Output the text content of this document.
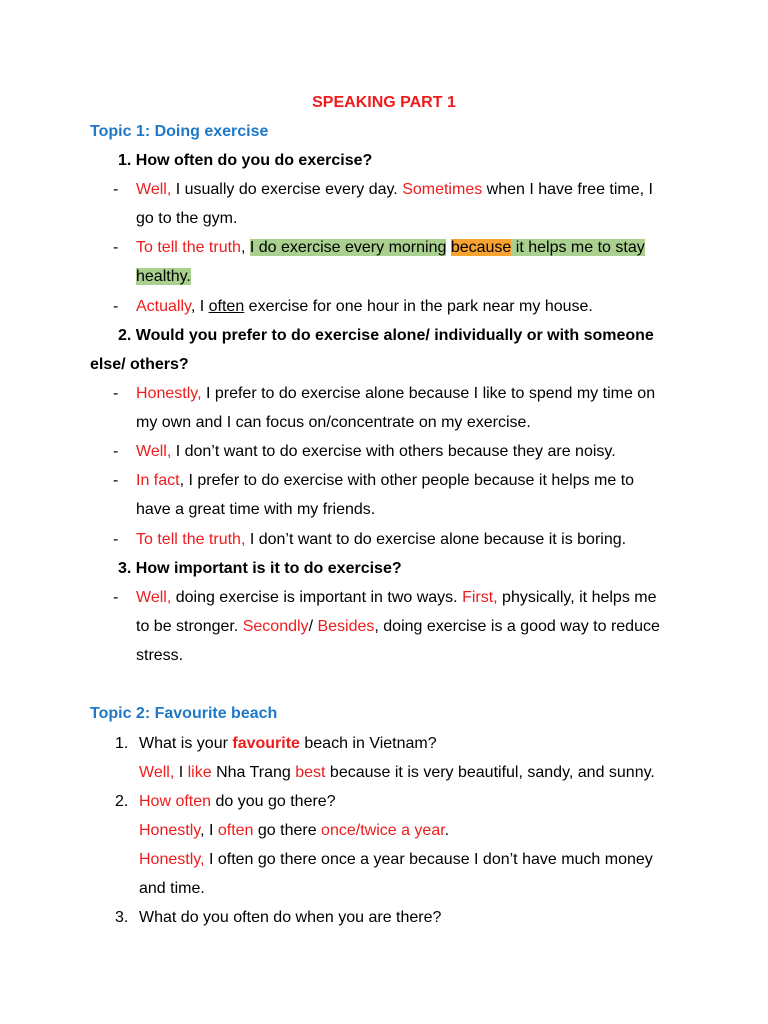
SPEAKING PART 1
Topic 1: Doing exercise
1. How often do you do exercise?
- Well, I usually do exercise every day. Sometimes when I have free time, I
go to the gym.
- To tell the truth, I do exercise every morning because it helps me to stay
healthy.
- Actually, I often exercise for one hour in the park near my house.
2. Would you prefer to do exercise alone/ individually or with someone
else/ others?
- Honestly, I prefer to do exercise alone because I like to spend my time on
my own and I can focus on/concentrate on my exercise.
- Well, I don’t want to do exercise with others because they are noisy.
- In fact, I prefer to do exercise with other people because it helps me to
have a great time with my friends.
- To tell the truth, I don’t want to do exercise alone because it is boring.
3. How important is it to do exercise?
- Well, doing exercise is important in two ways. First, physically, it helps me
to be stronger. Secondly/ Besides, doing exercise is a good way to reduce
stress.
Topic 2: Favourite beach
1. What is your favourite beach in Vietnam?
Well, I like Nha Trang best because it is very beautiful, sandy, and sunny.
2. How often do you go there?
Honestly, I often go there once/twice a year.
Honestly, I often go there once a year because I don’t have much money
and time.
3. What do you often do when you are there?
